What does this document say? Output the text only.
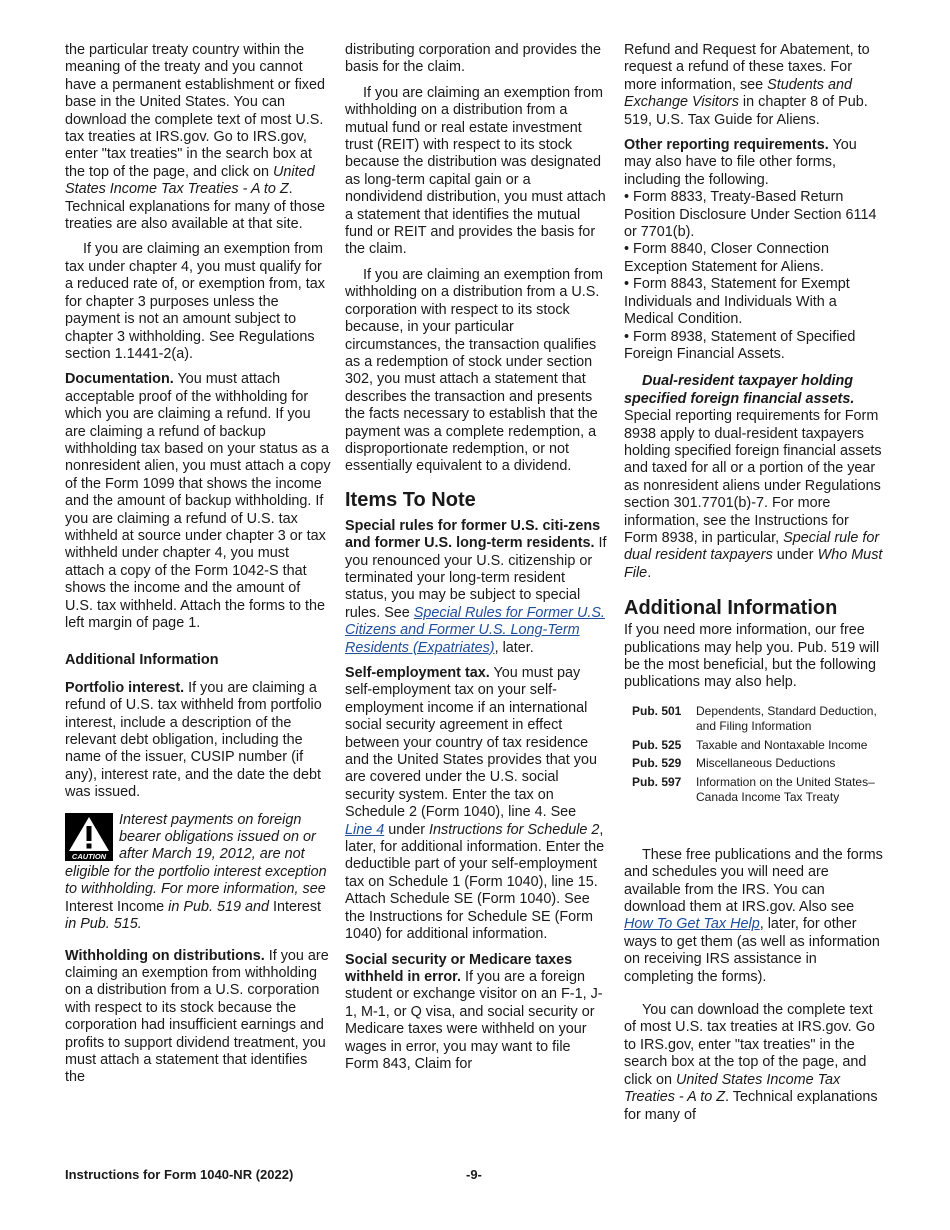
the particular treaty country within the meaning of the treaty and you cannot have a permanent establishment or fixed base in the United States. You can download the complete text of most U.S. tax treaties at IRS.gov. Go to IRS.gov, enter "tax treaties" in the search box at the top of the page, and click on United States Income Tax Treaties - A to Z. Technical explanations for many of those treaties are also available at that site.

If you are claiming an exemption from tax under chapter 4, you must qualify for a reduced rate of, or exemption from, tax for chapter 3 purposes unless the payment is not an amount subject to chapter 3 withholding. See Regulations section 1.1441-2(a).

Documentation. You must attach acceptable proof of the withholding for which you are claiming a refund. If you are claiming a refund of backup withholding tax based on your status as a nonresident alien, you must attach a copy of the Form 1099 that shows the income and the amount of backup withholding. If you are claiming a refund of U.S. tax withheld at source under chapter 3 or tax withheld under chapter 4, you must attach a copy of the Form 1042-S that shows the income and the amount of U.S. tax withheld. Attach the forms to the left margin of page 1.

Additional Information

Portfolio interest. If you are claiming a refund of U.S. tax withheld from portfolio interest, include a description of the relevant debt obligation, including the name of the issuer, CUSIP number (if any), interest rate, and the date the debt was issued.

CAUTION
Interest payments on foreign bearer obligations issued on or after March 19, 2012, are not eligible for the portfolio interest exception to withholding. For more information, see Interest Income in Pub. 519 and Interest in Pub. 515.

Withholding on distributions. If you are claiming an exemption from withholding on a distribution from a U.S. corporation with respect to its stock because the corporation had insufficient earnings and profits to support dividend treatment, you must attach a statement that identifies the

distributing corporation and provides the basis for the claim.

If you are claiming an exemption from withholding on a distribution from a mutual fund or real estate investment trust (REIT) with respect to its stock because the distribution was designated as long-term capital gain or a nondividend distribution, you must attach a statement that identifies the mutual fund or REIT and provides the basis for the claim.

If you are claiming an exemption from withholding on a distribution from a U.S. corporation with respect to its stock because, in your particular circumstances, the transaction qualifies as a redemption of stock under section 302, you must attach a statement that describes the transaction and presents the facts necessary to establish that the payment was a complete redemption, a disproportionate redemption, or not essentially equivalent to a dividend.

Items To Note

Special rules for former U.S. citi-zens and former U.S. long-term residents. If you renounced your U.S. citizenship or terminated your long-term resident status, you may be subject to special rules. See Special Rules for Former U.S. Citizens and Former U.S. Long-Term Residents (Expatriates), later.

Self-employment tax. You must pay self-employment tax on your self-employment income if an international social security agreement in effect between your country of tax residence and the United States provides that you are covered under the U.S. social security system. Enter the tax on Schedule 2 (Form 1040), line 4. See Line 4 under Instructions for Schedule 2, later, for additional information. Enter the deductible part of your self-employment tax on Schedule 1 (Form 1040), line 15. Attach Schedule SE (Form 1040). See the Instructions for Schedule SE (Form 1040) for additional information.

Social security or Medicare taxes withheld in error. If you are a foreign student or exchange visitor on an F-1, J-1, M-1, or Q visa, and social security or Medicare taxes were withheld on your wages in error, you may want to file Form 843, Claim for

Refund and Request for Abatement, to request a refund of these taxes. For more information, see Students and Exchange Visitors in chapter 8 of Pub. 519, U.S. Tax Guide for Aliens.

Other reporting requirements. You may also have to file other forms, including the following.

• Form 8833, Treaty-Based Return Position Disclosure Under Section 6114 or 7701(b).
• Form 8840, Closer Connection Exception Statement for Aliens.
• Form 8843, Statement for Exempt Individuals and Individuals With a Medical Condition.
• Form 8938, Statement of Specified Foreign Financial Assets.

Dual-resident taxpayer holding specified foreign financial assets. Special reporting requirements for Form 8938 apply to dual-resident taxpayers holding specified foreign financial assets and taxed for all or a portion of the year as nonresident aliens under Regulations section 301.7701(b)-7. For more information, see the Instructions for Form 8938, in particular, Special rule for dual resident taxpayers under Who Must File.

Additional Information

If you need more information, our free publications may help you. Pub. 519 will be the most beneficial, but the following publications may also help.

Pub. 501	Dependents, Standard Deduction, and Filing Information
Pub. 525	Taxable and Nontaxable Income
Pub. 529	Miscellaneous Deductions
Pub. 597	Information on the United States–Canada Income Tax Treaty

These free publications and the forms and schedules you will need are available from the IRS. You can download them at IRS.gov. Also see How To Get Tax Help, later, for other ways to get them (as well as information on receiving IRS assistance in completing the forms).

You can download the complete text of most U.S. tax treaties at IRS.gov. Go to IRS.gov, enter "tax treaties" in the search box at the top of the page, and click on United States Income Tax Treaties - A to Z. Technical explanations for many of

Instructions for Form 1040-NR (2022)	-9-
